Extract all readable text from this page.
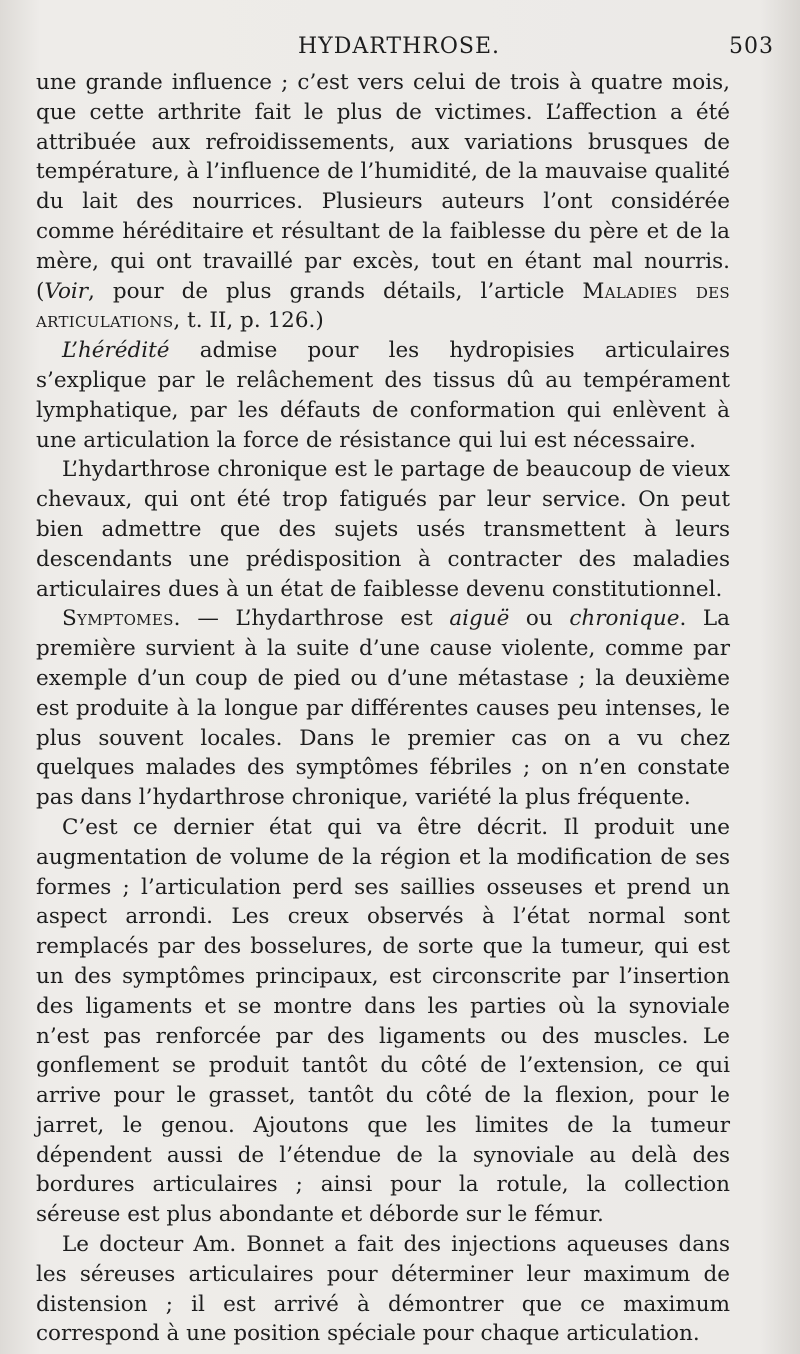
HYDARTHROSE.	503

une grande influence ; c’est vers celui de trois à quatre mois, que cette arthrite fait le plus de victimes. L’affection a été attribuée aux refroidissements, aux variations brusques de température, à l’influence de l’humidité, de la mauvaise qualité du lait des nourrices. Plusieurs auteurs l’ont considérée comme héréditaire et résultant de la faiblesse du père et de la mère, qui ont travaillé par excès, tout en étant mal nourris. (Voir, pour de plus grands détails, l’article Maladies des articulations, t. II, p. 126.)

L’hérédité admise pour les hydropisies articulaires s’explique par le relâchement des tissus dû au tempérament lymphatique, par les défauts de conformation qui enlèvent à une articulation la force de résistance qui lui est nécessaire.

L’hydarthrose chronique est le partage de beaucoup de vieux chevaux, qui ont été trop fatigués par leur service. On peut bien admettre que des sujets usés transmettent à leurs descendants une prédisposition à contracter des maladies articulaires dues à un état de faiblesse devenu constitutionnel.

Symptomes. — L’hydarthrose est aiguë ou chronique. La première survient à la suite d’une cause violente, comme par exemple d’un coup de pied ou d’une métastase ; la deuxième est produite à la longue par différentes causes peu intenses, le plus souvent locales. Dans le premier cas on a vu chez quelques malades des symptômes fébriles ; on n’en constate pas dans l’hydarthrose chronique, variété la plus fréquente.

C’est ce dernier état qui va être décrit. Il produit une augmentation de volume de la région et la modification de ses formes ; l’articulation perd ses saillies osseuses et prend un aspect arrondi. Les creux observés à l’état normal sont remplacés par des bosselures, de sorte que la tumeur, qui est un des symptômes principaux, est circonscrite par l’insertion des ligaments et se montre dans les parties où la synoviale n’est pas renforcée par des ligaments ou des muscles. Le gonflement se produit tantôt du côté de l’extension, ce qui arrive pour le grasset, tantôt du côté de la flexion, pour le jarret, le genou. Ajoutons que les limites de la tumeur dépendent aussi de l’étendue de la synoviale au delà des bordures articulaires ; ainsi pour la rotule, la collection séreuse est plus abondante et déborde sur le fémur.

Le docteur Am. Bonnet a fait des injections aqueuses dans les séreuses articulaires pour déterminer leur maximum de distension ; il est arrivé à démontrer que ce maximum correspond à une position spéciale pour chaque articulation.
